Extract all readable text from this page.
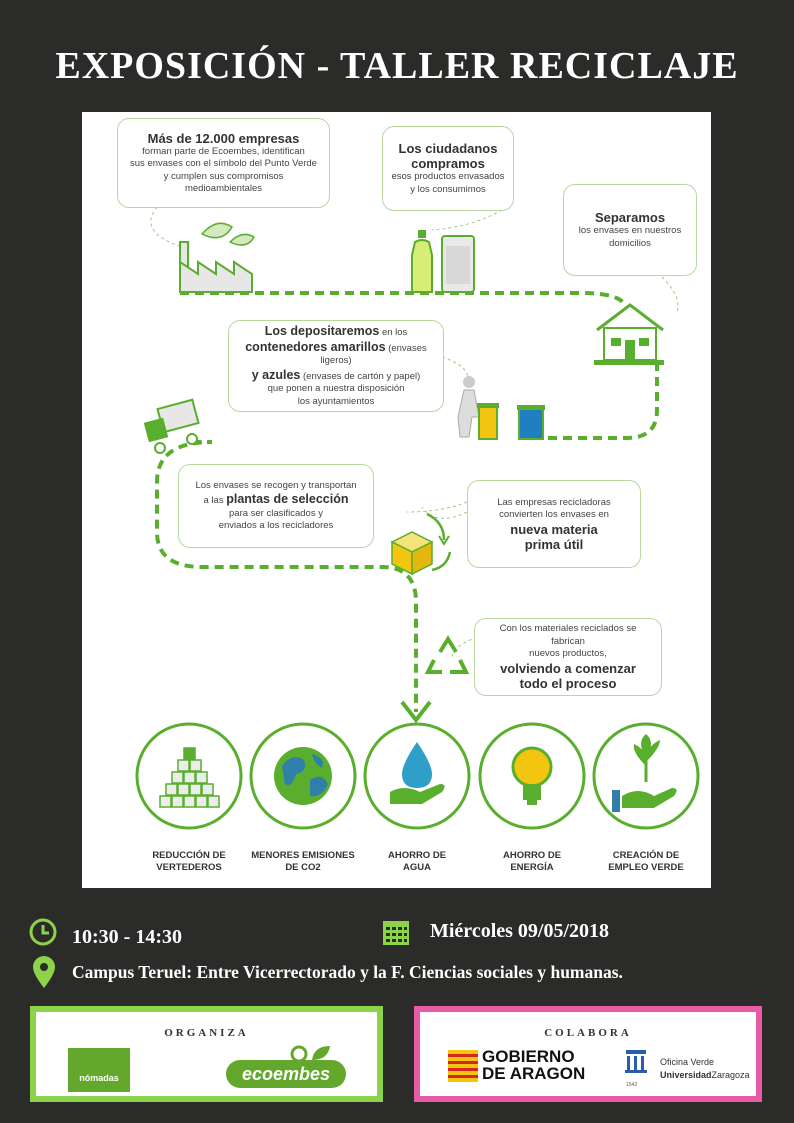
EXPOSICIÓN - TALLER RECICLAJE
Más de 12.000 empresas
forman parte de Ecoembes, identifican
sus envases con el símbolo del Punto Verde
y cumplen sus compromisos
medioambientales
Los ciudadanos
compramos
esos productos envasados
y los consumimos
Separamos
los envases en nuestros
domicilios
Los depositaremos en los
contenedores amarillos (envases ligeros)
y azules (envases de cartón y papel)
que ponen a nuestra disposición
los ayuntamientos
Los envases se recogen y transportan
a las plantas de selección
para ser clasificados y
enviados a los recicladores
Las empresas recicladoras
convierten los envases en
nueva materia
prima útil
Con los materiales reciclados se fabrican
nuevos productos,
volviendo a comenzar
todo el proceso
REDUCCIÓN DE
VERTEDEROS
MENORES EMISIONES
DE CO2
AHORRO DE
AGUA
AHORRO DE
ENERGÍA
CREACIÓN DE
EMPLEO VERDE
10:30 - 14:30	Miércoles 09/05/2018
Campus Teruel: Entre Vicerrectorado y la F. Ciencias sociales y humanas.
ORGANIZA
nómadas	ecoembes
COLABORA
GOBIERNO
DE ARAGON
1542
Oficina Verde
UniversidadZaragoza
